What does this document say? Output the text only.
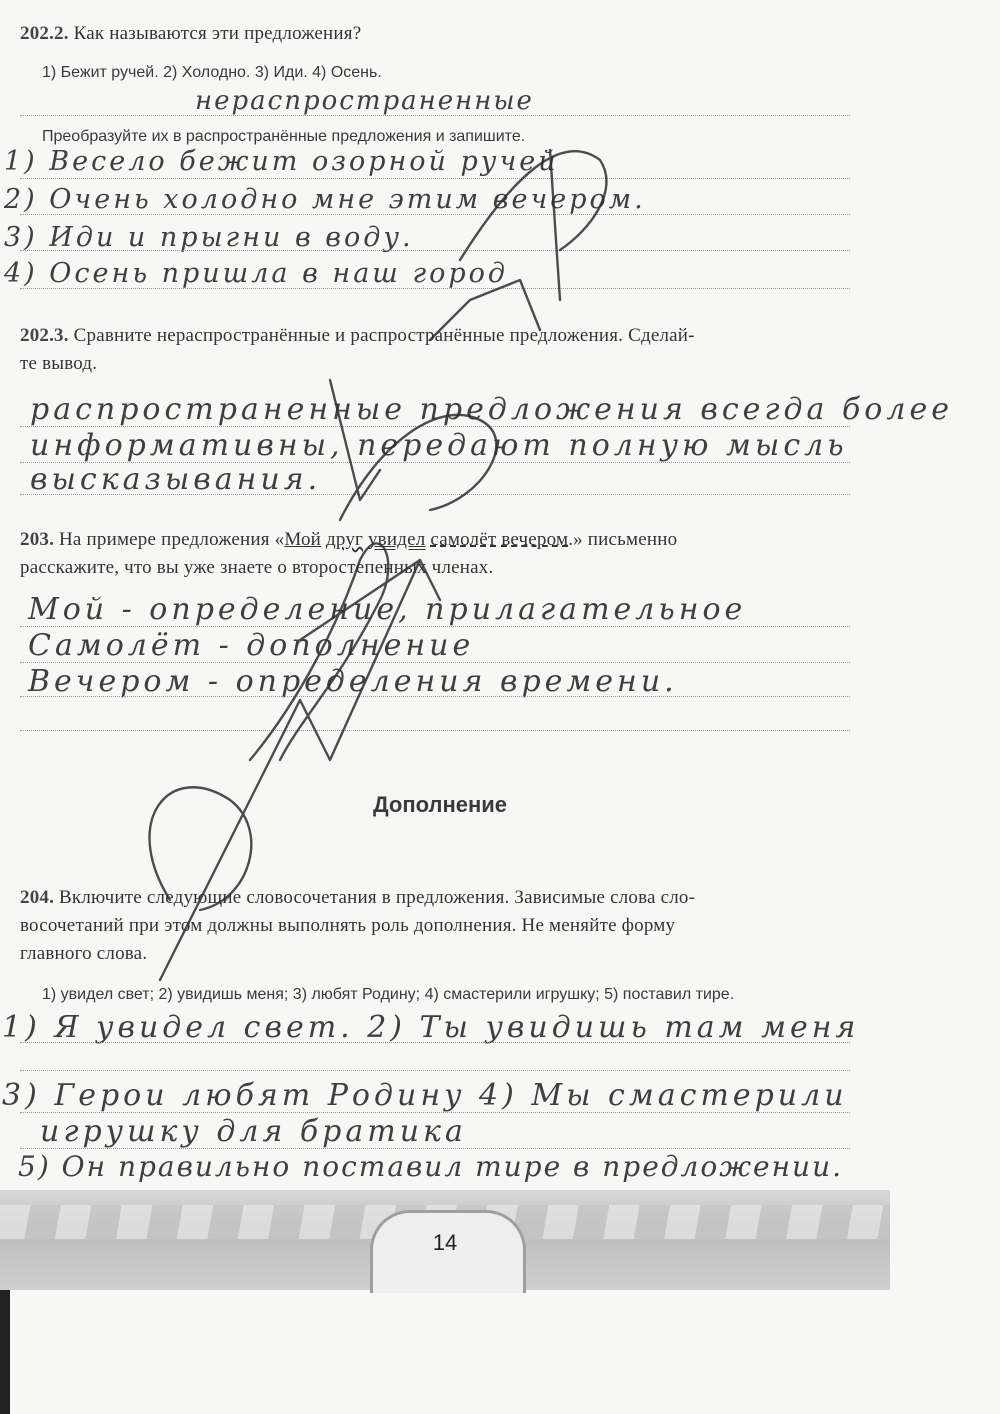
202.2. Как называются эти предложения?
1) Бежит ручей. 2) Холодно. 3) Иди. 4) Осень.
нераспространенные
Преобразуйте их в распространённые предложения и запишите.
1) Весело бежит озорной ручей
2) Очень холодно мне этим вечером.
3) Иди и прыгни в воду.
4) Осень пришла в наш город
202.3. Сравните нераспространённые и распространённые предложения. Сделай-
те вывод.
распространенные предложения всегда более
информативны, передают полную мысль
высказывания.
203. На примере предложения «Мой друг увидел самолёт вечером.» письменно
расскажите, что вы уже знаете о второстепенных членах.
Мой - определение, прилагательное
Самолёт - дополнение
Вечером - определения времени.
Дополнение
204. Включите следующие словосочетания в предложения. Зависимые слова сло-
восочетаний при этом должны выполнять роль дополнения. Не меняйте форму
главного слова.
1) увидел свет; 2) увидишь меня; 3) любят Родину; 4) смастерили игрушку; 5) поставил тире.
1) Я увидел свет. 2) Ты увидишь там меня
3) Герои любят Родину 4) Мы смастерили
игрушку для братика
5) Он правильно поставил тире в предложении.
14
